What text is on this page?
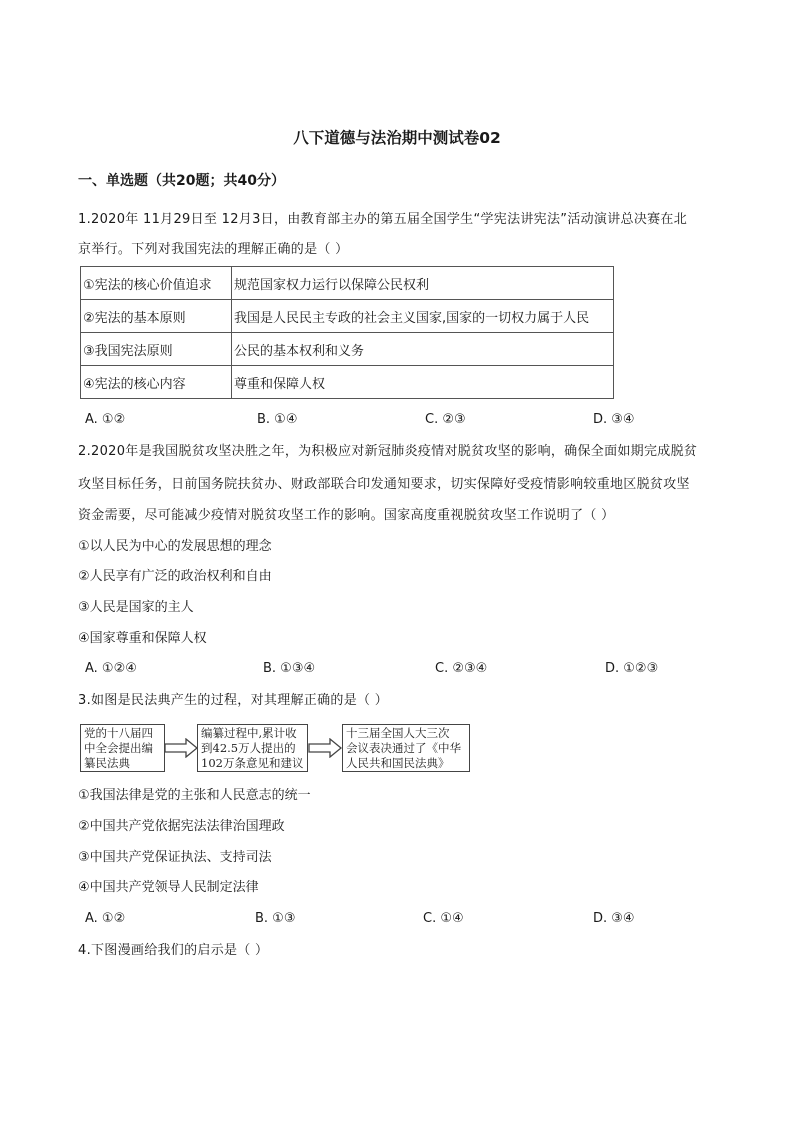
八下道德与法治期中测试卷02
一、单选题（共20题；共40分）
1.2020年 11月29日至 12月3日，由教育部主办的第五届全国学生“学宪法讲宪法”活动演讲总决赛在北
京举行。下列对我国宪法的理解正确的是（ ）
①宪法的核心价值追求	规范国家权力运行以保障公民权利
②宪法的基本原则	我国是人民民主专政的社会主义国家,国家的一切权力属于人民
③我国宪法原则	公民的基本权利和义务
④宪法的核心内容	尊重和保障人权
A. ①②	B. ①④	C. ②③	D. ③④
2.2020年是我国脱贫攻坚决胜之年，为积极应对新冠肺炎疫情对脱贫攻坚的影响，确保全面如期完成脱贫
攻坚目标任务，日前国务院扶贫办、财政部联合印发通知要求，切实保障好受疫情影响较重地区脱贫攻坚
资金需要，尽可能减少疫情对脱贫攻坚工作的影响。国家高度重视脱贫攻坚工作说明了（ ）
①以人民为中心的发展思想的理念
②人民享有广泛的政治权利和自由
③人民是国家的主人
④国家尊重和保障人权
A. ①②④	B. ①③④	C. ②③④	D. ①②③
3.如图是民法典产生的过程，对其理解正确的是（ ）
党的十八届四
中全会提出编
纂民法典
编纂过程中,累计收
到42.5万人提出的
102万条意见和建议
十三届全国人大三次
会议表决通过了《中华
人民共和国民法典》
①我国法律是党的主张和人民意志的统一
②中国共产党依据宪法法律治国理政
③中国共产党保证执法、支持司法
④中国共产党领导人民制定法律
A. ①②	B. ①③	C. ①④	D. ③④
4.下图漫画给我们的启示是（ ）
